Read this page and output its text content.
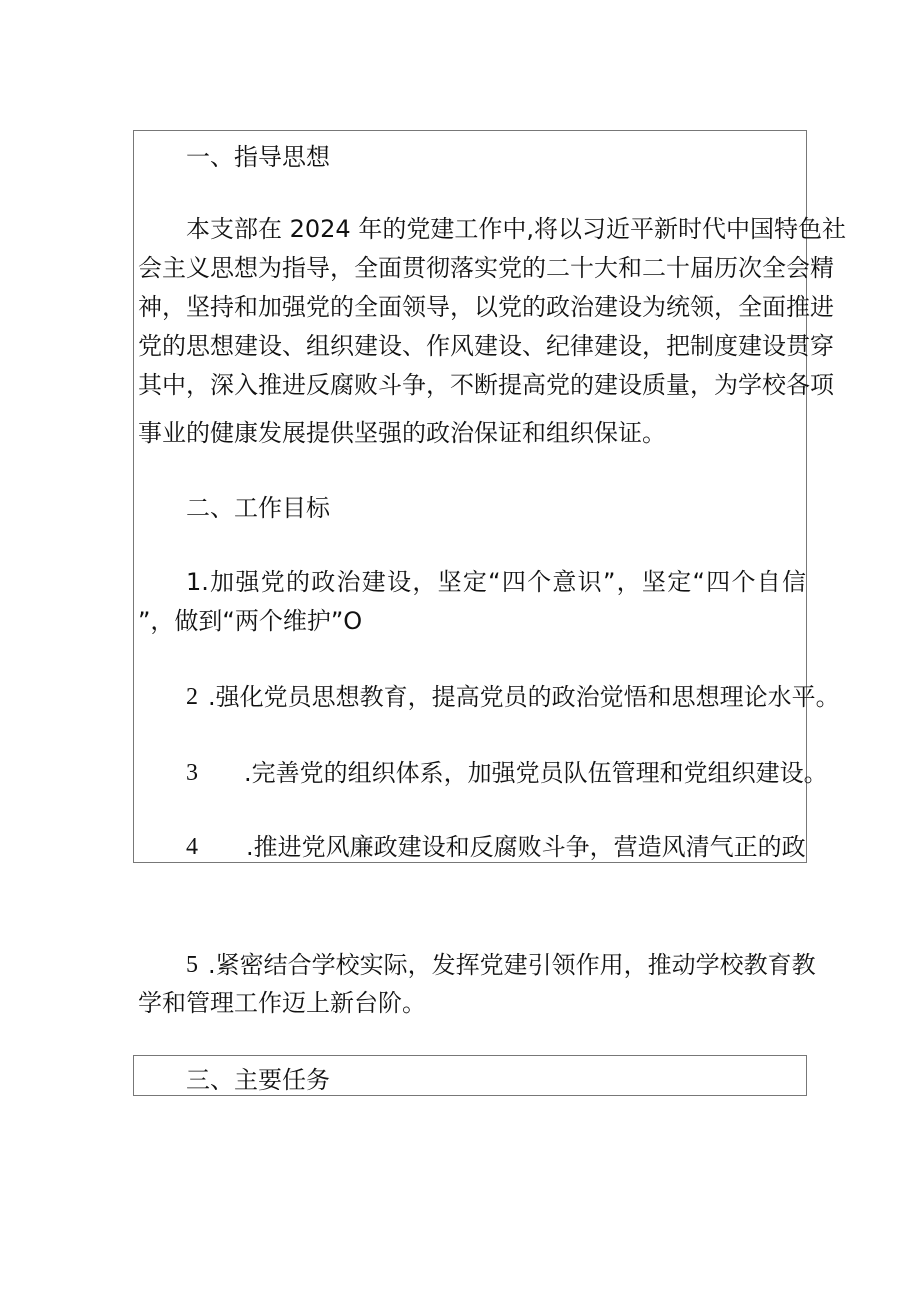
一、指导思想
本支部在 2024 年的党建工作中,将以习近平新时代中国特色社
会主义思想为指导，全面贯彻落实党的二十大和二十届历次全会精
神，坚持和加强党的全面领导，以党的政治建设为统领，全面推进
党的思想建设、组织建设、作风建设、纪律建设，把制度建设贯穿
其中，深入推进反腐败斗争，不断提高党的建设质量，为学校各项
事业的健康发展提供坚强的政治保证和组织保证。
二、工作目标
1.加强党的政治建设，坚定“四个意识”，坚定“四个自信
”，做到“两个维护”O
2 .强化党员思想教育，提高党员的政治觉悟和思想理论水平。
3 .完善党的组织体系，加强党员队伍管理和党组织建设。
4 .推进党风廉政建设和反腐败斗争，营造风清气正的政
5 .紧密结合学校实际，发挥党建引领作用，推动学校教育教
学和管理工作迈上新台阶。
三、主要任务
